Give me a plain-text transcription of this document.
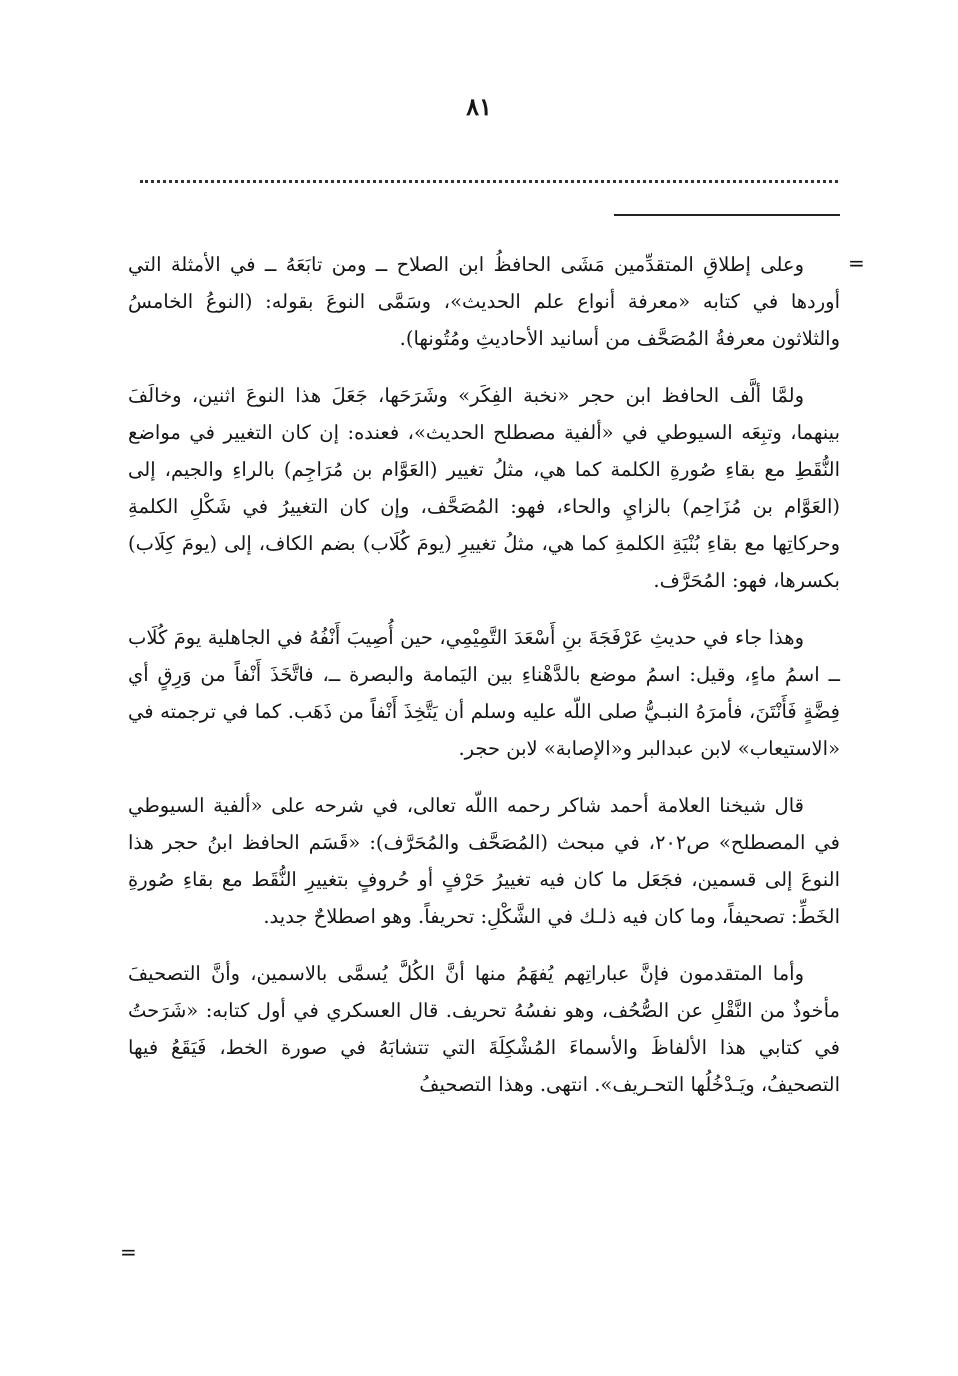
٨١
=

وعلى إطلاقِ المتقدِّمين مَشَى الحافظُ ابن الصلاح ــ ومن تابَعَهُ ــ في الأمثلة التي أوردها في كتابه «معرفة أنواع علم الحديث»، وسَمَّى النوعَ بقوله: (النوعُ الخامسُ والثلاثون معرفةُ المُصَحَّف من أسانيد الأحاديثِ ومُتُونها).

ولمَّا ألَّف الحافظ ابن حجر «نخبة الفِكَر» وشَرَحَها، جَعَلَ هذا النوعَ اثنين، وخالَفَ بينهما، وتبِعَه السيوطي في «ألفية مصطلح الحديث»، فعنده: إن كان التغيير في مواضع النُّقَطِ مع بقاءِ صُورةِ الكلمة كما هي، مثلُ تغيير (العَوَّام بن مُرَاجِم) بالراءِ والجيم، إلى (العَوَّام بن مُزَاحِم) بالزايِ والحاء، فهو: المُصَحَّف، وإن كان التغييرُ في شَكْلِ الكلمةِ وحركاتِها مع بقاءِ بُنْيَةِ الكلمةِ كما هي، مثلُ تغييرِ (يومَ كُلَاب) بضم الكاف، إلى (يومَ كِلَاب) بكسرها، فهو: المُحَرَّف.

وهذا جاء في حديثِ عَرْفَجَةَ بنِ أَسْعَدَ التَّمِيْمِي، حين أُصِيبَ أَنْفُهُ في الجاهلية يومَ كُلَاب ــ اسمُ ماءٍ، وقيل: اسمُ موضع بالدَّهْناءِ بين اليَمامة والبصرة ــ، فاتَّخَذَ أَنْفاً من وَرِقٍ أي فِضَّةٍ فَأَنْتَنَ، فأمرَهُ النبـيُّ صلى اللّه عليه وسلم أن يَتَّخِذَ أَنْفاً من ذَهَب. كما في ترجمته في «الاستيعاب» لابن عبدالبر و«الإصابة» لابن حجر.

قال شيخنا العلامة أحمد شاكر رحمه االلّه تعالى، في شرحه على «ألفية السيوطي في المصطلح» ص٢٠٢، في مبحث (المُصَحَّف والمُحَرَّف): «قَسَم الحافظ ابنُ حجر هذا النوعَ إلى قسمين، فجَعَل ما كان فيه تغييرُ حَرْفٍ أو حُروفٍ بتغييرِ النُّقَط مع بقاءِ صُورةِ الخَطِّ: تصحيفاً، وما كان فيه ذلـك في الشَّكْلِ: تحريفاً. وهو اصطلاحٌ جديد.

وأما المتقدمون فإنَّ عباراتِهم يُفهَمُ منها أنَّ الكُلَّ يُسمَّى بالاسمين، وأنَّ التصحيفَ مأخوذٌ من النَّقْلِ عن الصُّحُف، وهو نفسُهُ تحريف. قال العسكري في أول كتابه: «شَرَحتُ في كتابي هذا الألفاظَ والأسماءَ المُشْكِلَةَ التي تتشابَهُ في صورة الخط، فَيَقَعُ فيها التصحيفُ، ويَـدْخُلُها التحـريف». انتهى. وهذا التصحيفُ

=
